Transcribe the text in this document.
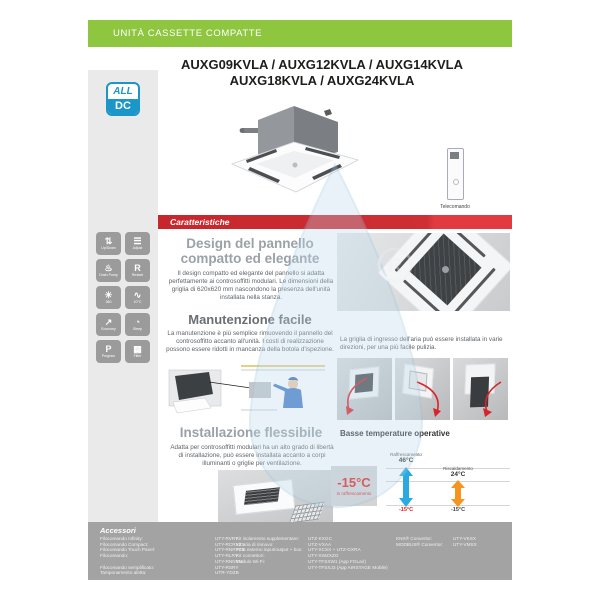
UNITÀ CASSETTE COMPATTE
AUXG09KVLA / AUXG12KVLA / AUXG14KVLA
AUXG18KVLA / AUXG24KVLA
ALL
DC
⇅
Up/Down
☰
Adjust
♨
Drain Pump
R
Restart
✳
360
∿
10°C
↗
Economy
◔
Sleep
P
Program
▦
Filter
Telecomando
Caratteristiche
Design del pannello
compatto ed elegante
Il design compatto ed elegante del pannello si adatta perfettamente ai controsoffitti modulari. Le dimensioni della griglia di 620x620 mm nascondono la presenza dell'unità installata nella stanza.
Manutenzione facile
La manutenzione è più semplice rimuovendo il pannello del controsoffitto accanto all'unità. I costi di realizzazione possono essere ridotti in mancanza della botola d'ispezione.
La griglia di ingresso dell'aria può essere installata in varie direzioni, per una più facile pulizia.
Installazione flessibile
Adatta per controsoffitti modulari ha un alto grado di libertà di installazione, può essere installata accanto a corpi illuminanti o griglie per ventilazione.
Basse temperature operative
-15°C
in raffrescamento
Raffrescamento
46°C
-15°C
Riscaldamento
24°C
-15°C
Accessori
Filocomando Infinity:	UTY-RVRY
Filocomando Compact:	UTY-RCRYZ1
Filocomando Touch Panel:	UTY-RNRYZ5
Filocomando:	UTY-RLRY
UTY-RNNYM
Filocomando semplificato:	UTY-RSRY
Tamponamento aletta:	UTR-YDZB
Kit isolamento supplementare:	UTZ-KXGC
Kit aria di rinnovo:	UTZ-VXAA
PCB esterno input/output + box:	UTY-XCSX + UTZ-GXRA
Kit connettori:	UTY-XWZXZG
Modulo Wi-Fi:	UTY-TFSXW1 (App FGLair)
UTY-TFSXJ3 (App AIRSTAGE Mobile)
KNX® Convertor:	UTY-VKSX
MODBUS® Convertor:	UTY-VMSX
R
